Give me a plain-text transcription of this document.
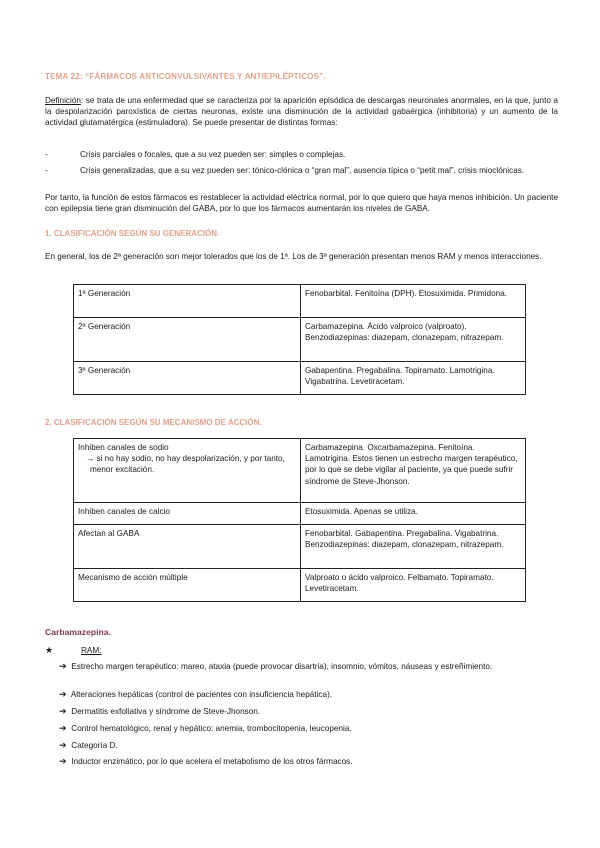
TEMA 22: “FÁRMACOS ANTICONVULSIVANTES Y ANTIEPILÉPTICOS”.

Definición: se trata de una enfermedad que se caracteriza por la aparición episódica de descargas neuronales anormales, en la que, junto a la despolarización paroxística de ciertas neuronas, existe una disminución de la actividad gabaérgica (inhibitoria) y un aumento de la actividad glutamatérgica (estimuladora). Se puede presentar de distintas formas:

-	Crisis parciales o focales, que a su vez pueden ser: simples o complejas.
-	Crisis generalizadas, que a su vez pueden ser: tónico-clónica o “gran mal”, ausencia típica o “petit mal”, crisis mioclónicas.

Por tanto, la función de estos fármacos es restablecer la actividad eléctrica normal, por lo que quiero que haya menos inhibición. Un paciente con epilepsia tiene gran disminución del GABA, por lo que los fármacos aumentarán los niveles de GABA.

1. CLASIFICACIÓN SEGÚN SU GENERACIÓN.

En general, los de 2ª generación son mejor tolerados que los de 1ª. Los de 3ª generación presentan menos RAM y menos interacciones.

1ª Generación	Fenobarbital. Fenitoína (DPH). Etosuximida. Primidona.
2ª Generación	Carbamazepina. Ácido valproico (valproato). Benzodiazepinas: diazepam, clonazepam, nitrazepam.
3ª Generación	Gabapentina. Pregabalina. Topiramato. Lamotrigina. Vigabatrina. Levetiracetam.
2. CLASIFICACIÓN SEGÚN SU MECANISMO DE ACCIÓN.
Inhiben canales de sodio
→ si no hay sodio, no hay despolarización, y por tanto, menor excitación.	Carbamazepina. Oxcarbamazepina. Fenitoína. Lamotrigina. Estos tienen un estrecho margen terapéutico, por lo que se debe vigilar al paciente, ya que puede sufrir síndrome de Steve-Jhonson.
Inhiben canales de calcio	Etosuximida. Apenas se utiliza.
Afectan al GABA	Fenobarbital. Gabapentina. Pregabalina. Vigabatrina. Benzodiazepinas: diazepam, clonazepam, nitrazepam.
Mecanismo de acción múltiple	Valproato o ácido valproico. Felbamato. Topiramato. Levetiracetam.
Carbamazepina.
★	RAM:
➔ Estrecho margen terapéutico: mareo, ataxia (puede provocar disartria), insomnio, vómitos, náuseas y estreñimiento.
➔ Alteraciones hepáticas (control de pacientes con insuficiencia hepática).
➔ Dermatitis exfoliativa y síndrome de Steve-Jhonson.
➔ Control hematológico, renal y hepático: anemia, trombocitopenia, leucopenia.
➔ Categoría D.
➔ Inductor enzimático, por lo que acelera el metabolismo de los otros fármacos.
